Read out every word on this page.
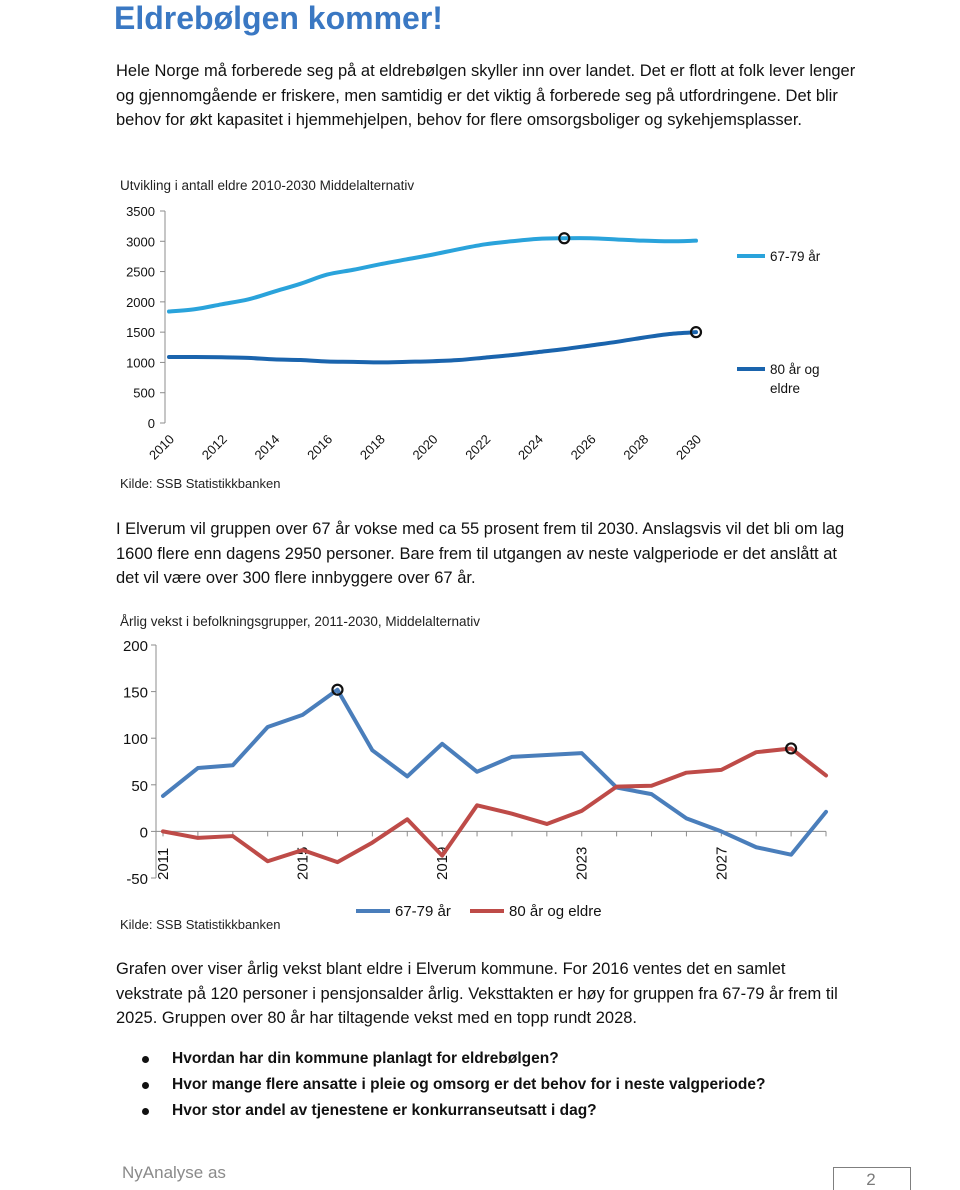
Eldrebølgen kommer!

Hele Norge må forberede seg på at eldrebølgen skyller inn over landet. Det er flott at folk lever lenger og gjennomgående er friskere, men samtidig er det viktig å forberede seg på utfordringene. Det blir behov for økt kapasitet i hjemmehjelpen, behov for flere omsorgsboliger og sykehjemsplasser.

Utvikling i antall eldre 2010-2030 Middelalternativ
Kilde: SSB Statistikkbanken

I Elverum vil gruppen over 67 år vokse med ca 55 prosent frem til 2030. Anslagsvis vil det bli om lag 1600 flere enn dagens 2950 personer. Bare frem til utgangen av neste valgperiode er det anslått at det vil være over 300 flere innbyggere over 67 år.

Årlig vekst i befolkningsgrupper, 2011-2030, Middelalternativ
Kilde: SSB Statistikkbanken

Grafen over viser årlig vekst blant eldre i Elverum kommune. For 2016 ventes det en samlet vekstrate på 120 personer i pensjonsalder årlig. Veksttakten er høy for gruppen fra 67-79 år frem til 2025. Gruppen over 80 år har tiltagende vekst med en topp rundt 2028.

Hvordan har din kommune planlagt for eldrebølgen?
Hvor mange flere ansatte i pleie og omsorg er det behov for i neste valgperiode?
Hvor stor andel av tjenestene er konkurranseutsatt i dag?
NyAnalyse as	2
0
500
1000
1500
2000
2500
3000
3500
2010 2012 2014 2016 2018 2020 2022 2024 2026 2028 2030
67-79 år
80 år og
eldre
-50
0
50
100
150
200
2011	2015	2019	2023	2027
67-79 år	80 år og eldre
